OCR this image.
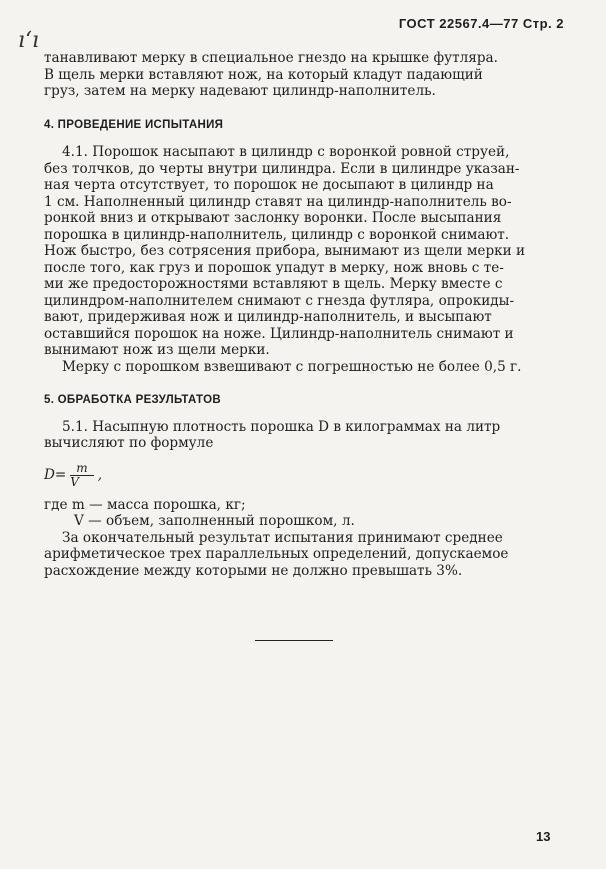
ı‘ı
ГОСТ 22567.4—77 Стр. 2

танавливают мерку в специальное гнездо на крышке футляра.

В щель мерки вставляют нож, на который кладут падающий

груз, затем на мерку надевают цилиндр-наполнитель.

4. ПРОВЕДЕНИЕ ИСПЫТАНИЯ

4.1. Порошок насыпают в цилиндр с воронкой ровной струей,

без толчков, до черты внутри цилиндра. Если в цилиндре указан-

ная черта отсутствует, то порошок не досыпают в цилиндр на

1 см. Наполненный цилиндр ставят на цилиндр-наполнитель во-

ронкой вниз и открывают заслонку воронки. После высыпания

порошка в цилиндр-наполнитель, цилиндр с воронкой снимают.

Нож быстро, без сотрясения прибора, вынимают из щели мерки и

после того, как груз и порошок упадут в мерку, нож вновь с те-

ми же предосторожностями вставляют в щель. Мерку вместе с

цилиндром-наполнителем снимают с гнезда футляра, опрокиды-

вают, придерживая нож и цилиндр-наполнитель, и высыпают

оставшийся порошок на ноже. Цилиндр-наполнитель снимают и

вынимают нож из щели мерки.

Мерку с порошком взвешивают с погрешностью не более 0,5 г.

5. ОБРАБОТКА РЕЗУЛЬТАТОВ

5.1. Насыпную плотность порошка D в килограммах на литр

вычисляют по формуле

$D= \frac{m}{V}$ ,

где m — масса порошка, кг;

V — объем, заполненный порошком, л.

За окончательный результат испытания принимают среднее

арифметическое трех параллельных определений, допускаемое

расхождение между которыми не должно превышать 3%.

13
